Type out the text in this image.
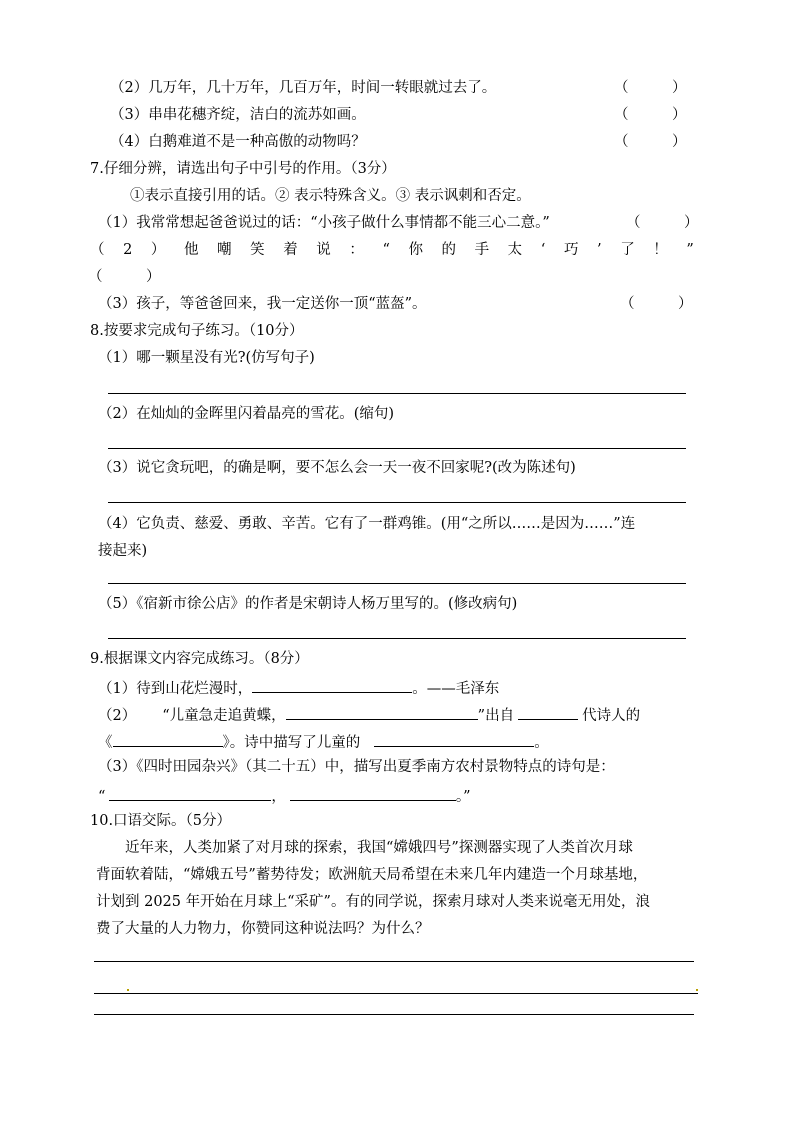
（2）几万年，几十万年，几百万年，时间一转眼就过去了。	（　　　）
（3）串串花穗齐绽，洁白的流苏如画。	（　　　）
（4）白鹅难道不是一种高傲的动物吗？	（　　　）
7.仔细分辨，请选出句子中引号的作用。（3分）
①表示直接引用的话。② 表示特殊含义。③ 表示讽刺和否定。
（1）我常常想起爸爸说过的话：“小孩子做什么事情都不能三心二意。”	（　　　）
（ 2 ） 他 嘲 笑 着 说 ： “ 你 的 手 太 ‘ 巧 ’ 了 ！ ”
（　　　）
（3）孩子，等爸爸回来，我一定送你一顶“蓝盔”。	（　　　）
8.按要求完成句子练习。（10分）
（1）哪一颗星没有光?(仿写句子)
（2）在灿灿的金晖里闪着晶亮的雪花。(缩句)
（3）说它贪玩吧，的确是啊，要不怎么会一天一夜不回家呢?(改为陈述句)
（4）它负责、慈爱、勇敢、辛苦。它有了一群鸡锥。(用“之所以……是因为……”连
接起来)
（5）《宿新市徐公店》的作者是宋朝诗人杨万里写的。(修改病句)
9.根据课文内容完成练习。（8分）
（1）待到山花烂漫时，	。——毛泽东
（2） “儿童急走追黄蝶，	”出自	代诗人的
《	》。诗中描写了儿童的	。
（3）《四时田园杂兴》（其二十五）中，描写出夏季南方农村景物特点的诗句是：
“	，	。”
10.口语交际。（5分）
近年来，人类加紧了对月球的探索，我国“嫦娥四号”探测器实现了人类首次月球
背面软着陆，“嫦娥五号”蓄势待发；欧洲航天局希望在未来几年内建造一个月球基地，
计划到 2025 年开始在月球上“采矿”。有的同学说，探索月球对人类来说毫无用处，浪
费了大量的人力物力，你赞同这种说法吗？为什么？
